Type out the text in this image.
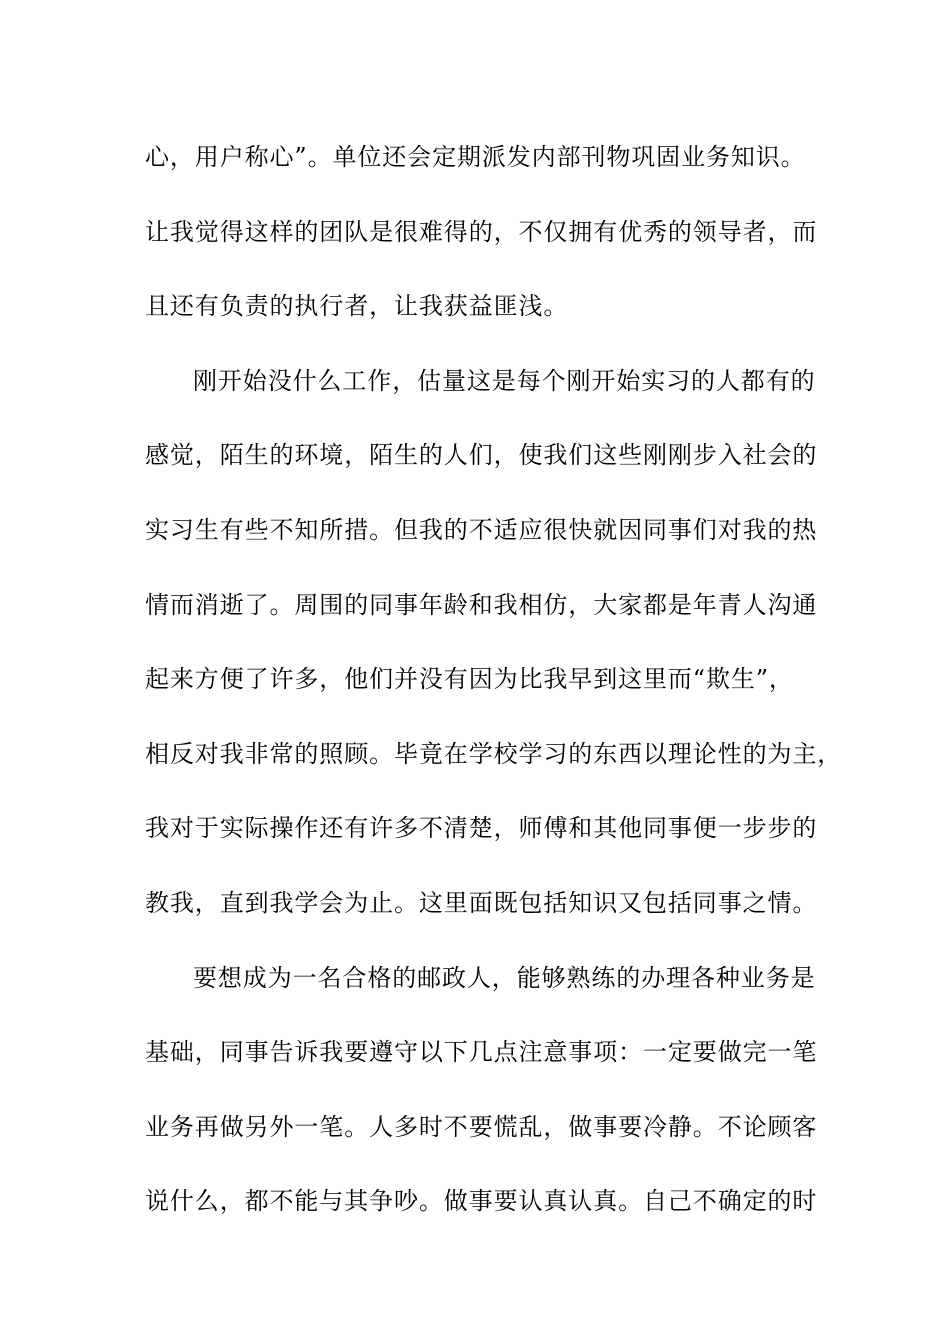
心，用户称心”。单位还会定期派发内部刊物巩固业务知识。
让我觉得这样的团队是很难得的，不仅拥有优秀的领导者，而
且还有负责的执行者，让我获益匪浅。
刚开始没什么工作，估量这是每个刚开始实习的人都有的
感觉，陌生的环境，陌生的人们，使我们这些刚刚步入社会的
实习生有些不知所措。但我的不适应很快就因同事们对我的热
情而消逝了。周围的同事年龄和我相仿，大家都是年青人沟通
起来方便了许多，他们并没有因为比我早到这里而“欺生”，
相反对我非常的照顾。毕竟在学校学习的东西以理论性的为主，
我对于实际操作还有许多不清楚，师傅和其他同事便一步步的
教我，直到我学会为止。这里面既包括知识又包括同事之情。
要想成为一名合格的邮政人，能够熟练的办理各种业务是
基础，同事告诉我要遵守以下几点注意事项：一定要做完一笔
业务再做另外一笔。人多时不要慌乱，做事要冷静。不论顾客
说什么，都不能与其争吵。做事要认真认真。自己不确定的时
